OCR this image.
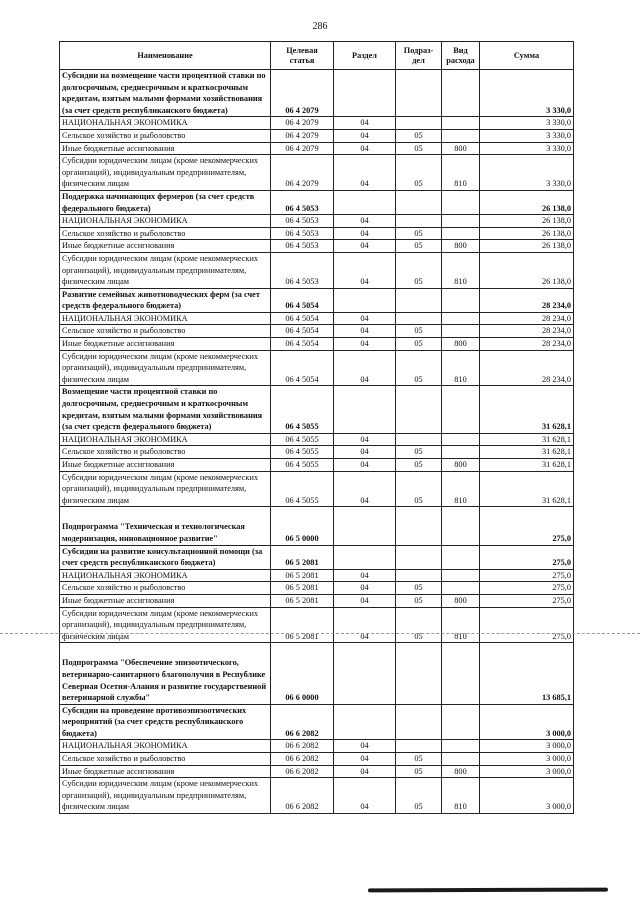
286
Наименование	Целевая статья	Раздел	Подраз-дел	Вид расхода	Сумма
Субсидии на возмещение части процентной ставки по долгосрочным, среднесрочным и краткосрочным кредитам, взятым малыми формами хозяйствования (за счет средств республиканского бюджета)	06 4 2079				3 330,0
НАЦИОНАЛЬНАЯ ЭКОНОМИКА	06 4 2079	04			3 330,0
Сельское хозяйство и рыболовство	06 4 2079	04	05		3 330,0
Иные бюджетные ассигнования	06 4 2079	04	05	800	3 330,0
Субсидии юридическим лицам (кроме некоммерческих организаций), индивидуальным предпринимателям, физическим лицам	06 4 2079	04	05	810	3 330,0
Поддержка начинающих фермеров (за счет средств федерального бюджета)	06 4 5053				26 138,0
НАЦИОНАЛЬНАЯ ЭКОНОМИКА	06 4 5053	04			26 138,0
Сельское хозяйство и рыболовство	06 4 5053	04	05		26 138,0
Иные бюджетные ассигнования	06 4 5053	04	05	800	26 138,0
Субсидии юридическим лицам (кроме некоммерческих организаций), индивидуальным предпринимателям, физическим лицам	06 4 5053	04	05	810	26 138,0
Развитие семейных животноводческих ферм (за счет средств федерального бюджета)	06 4 5054				28 234,0
НАЦИОНАЛЬНАЯ ЭКОНОМИКА	06 4 5054	04			28 234,0
Сельское хозяйство и рыболовство	06 4 5054	04	05		28 234,0
Иные бюджетные ассигнования	06 4 5054	04	05	800	28 234,0
Субсидии юридическим лицам (кроме некоммерческих организаций), индивидуальным предпринимателям, физическим лицам	06 4 5054	04	05	810	28 234,0
Возмещение части процентной ставки по долгосрочным, среднесрочным и краткосрочным кредитам, взятым малыми формами хозяйствования (за счет средств федерального бюджета)	06 4 5055				31 628,1
НАЦИОНАЛЬНАЯ ЭКОНОМИКА	06 4 5055	04			31 628,1
Сельское хозяйство и рыболовство	06 4 5055	04	05		31 628,1
Иные бюджетные ассигнования	06 4 5055	04	05	800	31 628,1
Субсидии юридическим лицам (кроме некоммерческих организаций), индивидуальным предпринимателям, физическим лицам	06 4 5055	04	05	810	31 628,1
Подпрограмма "Техническая и технологическая модернизация, инновационное развитие"	06 5 0000				275,0
Субсидии на развитие консультационной помощи (за счет средств республиканского бюджета)	06 5 2081				275,0
НАЦИОНАЛЬНАЯ ЭКОНОМИКА	06 5 2081	04			275,0
Сельское хозяйство и рыболовство	06 5 2081	04	05		275,0
Иные бюджетные ассигнования	06 5 2081	04	05	800	275,0
Субсидии юридическим лицам (кроме некоммерческих организаций), индивидуальным предпринимателям, физическим лицам	06 5 2081	04	05	810	275,0
Подпрограмма "Обеспечение эпизоотического, ветеринарно-санитарного благополучия в Республике Северная Осетия-Алания и развитие государственной ветеринарной службы"	06 6 0000				13 685,1
Субсидии на проведение противоэпизоотических мероприятий (за счет средств республиканского бюджета)	06 6 2082				3 000,0
НАЦИОНАЛЬНАЯ ЭКОНОМИКА	06 6 2082	04			3 000,0
Сельское хозяйство и рыболовство	06 6 2082	04	05		3 000,0
Иные бюджетные ассигнования	06 6 2082	04	05	800	3 000,0
Субсидии юридическим лицам (кроме некоммерческих организаций), индивидуальным предпринимателям, физическим лицам	06 6 2082	04	05	810	3 000,0
